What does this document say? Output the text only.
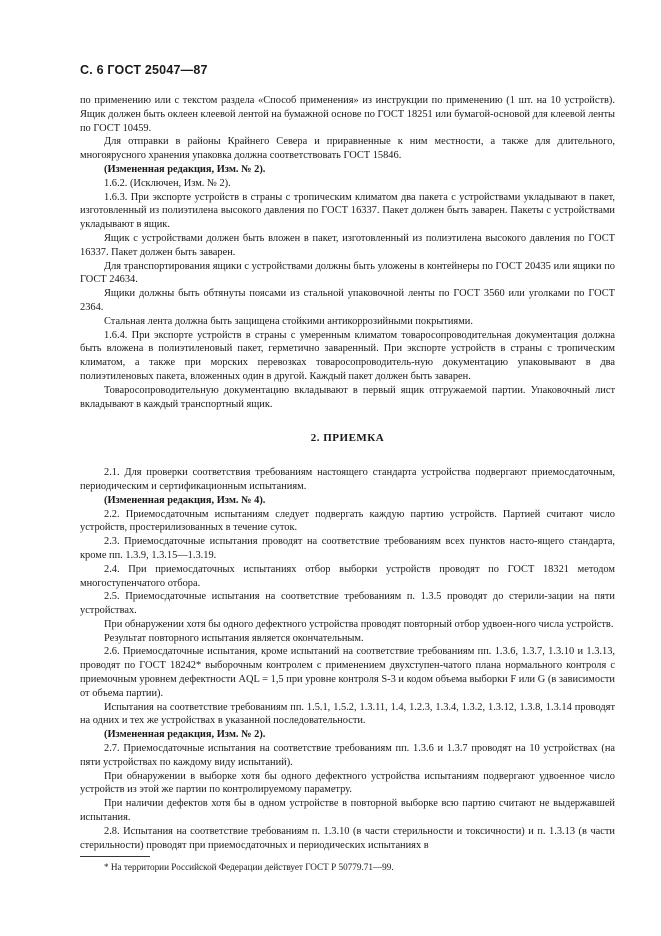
С. 6 ГОСТ 25047—87

по применению или с текстом раздела «Способ применения» из инструкции по применению (1 шт. на 10 устройств). Ящик должен быть оклеен клеевой лентой на бумажной основе по ГОСТ 18251 или бумагой-основой для клеевой ленты по ГОСТ 10459.

Для отправки в районы Крайнего Севера и приравненные к ним местности, а также для длительного, многоярусного хранения упаковка должна соответствовать ГОСТ 15846.

(Измененная редакция, Изм. № 2).

1.6.2. (Исключен, Изм. № 2).

1.6.3. При экспорте устройств в страны с тропическим климатом два пакета с устройствами укладывают в пакет, изготовленный из полиэтилена высокого давления по ГОСТ 16337. Пакет должен быть заварен. Пакеты с устройствами укладывают в ящик.

Ящик с устройствами должен быть вложен в пакет, изготовленный из полиэтилена высокого давления по ГОСТ 16337. Пакет должен быть заварен.

Для транспортирования ящики с устройствами должны быть уложены в контейнеры по ГОСТ 20435 или ящики по ГОСТ 24634.

Ящики должны быть обтянуты поясами из стальной упаковочной ленты по ГОСТ 3560 или уголками по ГОСТ 2364.

Стальная лента должна быть защищена стойкими антикоррозийными покрытиями.

1.6.4. При экспорте устройств в страны с умеренным климатом товаросопроводительная документация должна быть вложена в полиэтиленовый пакет, герметично заваренный. При экспорте устройств в страны с тропическим климатом, а также при морских перевозках товаросопроводитель-ную документацию упаковывают в два полиэтиленовых пакета, вложенных один в другой. Каждый пакет должен быть заварен.

Товаросопроводительную документацию вкладывают в первый ящик отгружаемой партии. Упаковочный лист вкладывают в каждый транспортный ящик.

2. ПРИЕМКА

2.1. Для проверки соответствия требованиям настоящего стандарта устройства подвергают приемосдаточным, периодическим и сертификационным испытаниям.

(Измененная редакция, Изм. № 4).

2.2. Приемосдаточным испытаниям следует подвергать каждую партию устройств. Партией считают число устройств, простерилизованных в течение суток.

2.3. Приемосдаточные испытания проводят на соответствие требованиям всех пунктов насто-ящего стандарта, кроме пп. 1.3.9, 1.3.15—1.3.19.

2.4. При приемосдаточных испытаниях отбор выборки устройств проводят по ГОСТ 18321 методом многоступенчатого отбора.

2.5. Приемосдаточные испытания на соответствие требованиям п. 1.3.5 проводят до стерили-зации на пяти устройствах.

При обнаружении хотя бы одного дефектного устройства проводят повторный отбор удвоен-ного числа устройств.

Результат повторного испытания является окончательным.

2.6. Приемосдаточные испытания, кроме испытаний на соответствие требованиям пп. 1.3.6, 1.3.7, 1.3.10 и 1.3.13, проводят по ГОСТ 18242* выборочным контролем с применением двухступен-чатого плана нормального контроля с приемочным уровнем дефектности AQL = 1,5 при уровне контроля S-3 и кодом объема выборки F или G (в зависимости от объема партии).

Испытания на соответствие требованиям пп. 1.5.1, 1.5.2, 1.3.11, 1.4, 1.2.3, 1.3.4, 1.3.2, 1.3.12, 1.3.8, 1.3.14 проводят на одних и тех же устройствах в указанной последовательности.

(Измененная редакция, Изм. № 2).

2.7. Приемосдаточные испытания на соответствие требованиям пп. 1.3.6 и 1.3.7 проводят на 10 устройствах (на пяти устройствах по каждому виду испытаний).

При обнаружении в выборке хотя бы одного дефектного устройства испытаниям подвергают удвоенное число устройств из этой же партии по контролируемому параметру.

При наличии дефектов хотя бы в одном устройстве в повторной выборке всю партию считают не выдержавшей испытания.

2.8. Испытания на соответствие требованиям п. 1.3.10 (в части стерильности и токсичности) и п. 1.3.13 (в части стерильности) проводят при приемосдаточных и периодических испытаниях в

* На территории Российской Федерации действует ГОСТ Р 50779.71—99.
